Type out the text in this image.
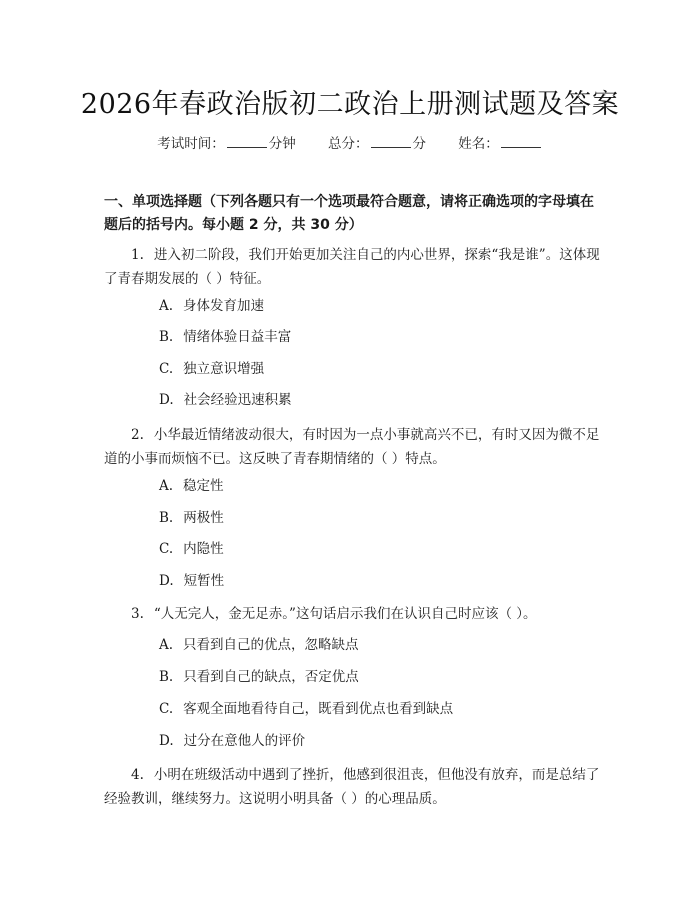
2026年春政治版初二政治上册测试题及答案
考试时间：	分钟 总分：	分 姓名：
一、单项选择题（下列各题只有一个选项最符合题意，请将正确选项的字母填在题后的括号内。每小题 2 分，共 30 分）
1. 进入初二阶段，我们开始更加关注自己的内心世界，探索“我是谁”。这体现了青春期发展的（ ）特征。
A. 身体发育加速
B. 情绪体验日益丰富
C. 独立意识增强
D. 社会经验迅速积累
2. 小华最近情绪波动很大，有时因为一点小事就高兴不已，有时又因为微不足道的小事而烦恼不已。这反映了青春期情绪的（ ）特点。
A. 稳定性
B. 两极性
C. 内隐性
D. 短暂性
3. “人无完人，金无足赤。”这句话启示我们在认识自己时应该（ ）。
A. 只看到自己的优点，忽略缺点
B. 只看到自己的缺点，否定优点
C. 客观全面地看待自己，既看到优点也看到缺点
D. 过分在意他人的评价
4. 小明在班级活动中遇到了挫折，他感到很沮丧，但他没有放弃，而是总结了经验教训，继续努力。这说明小明具备（ ）的心理品质。
